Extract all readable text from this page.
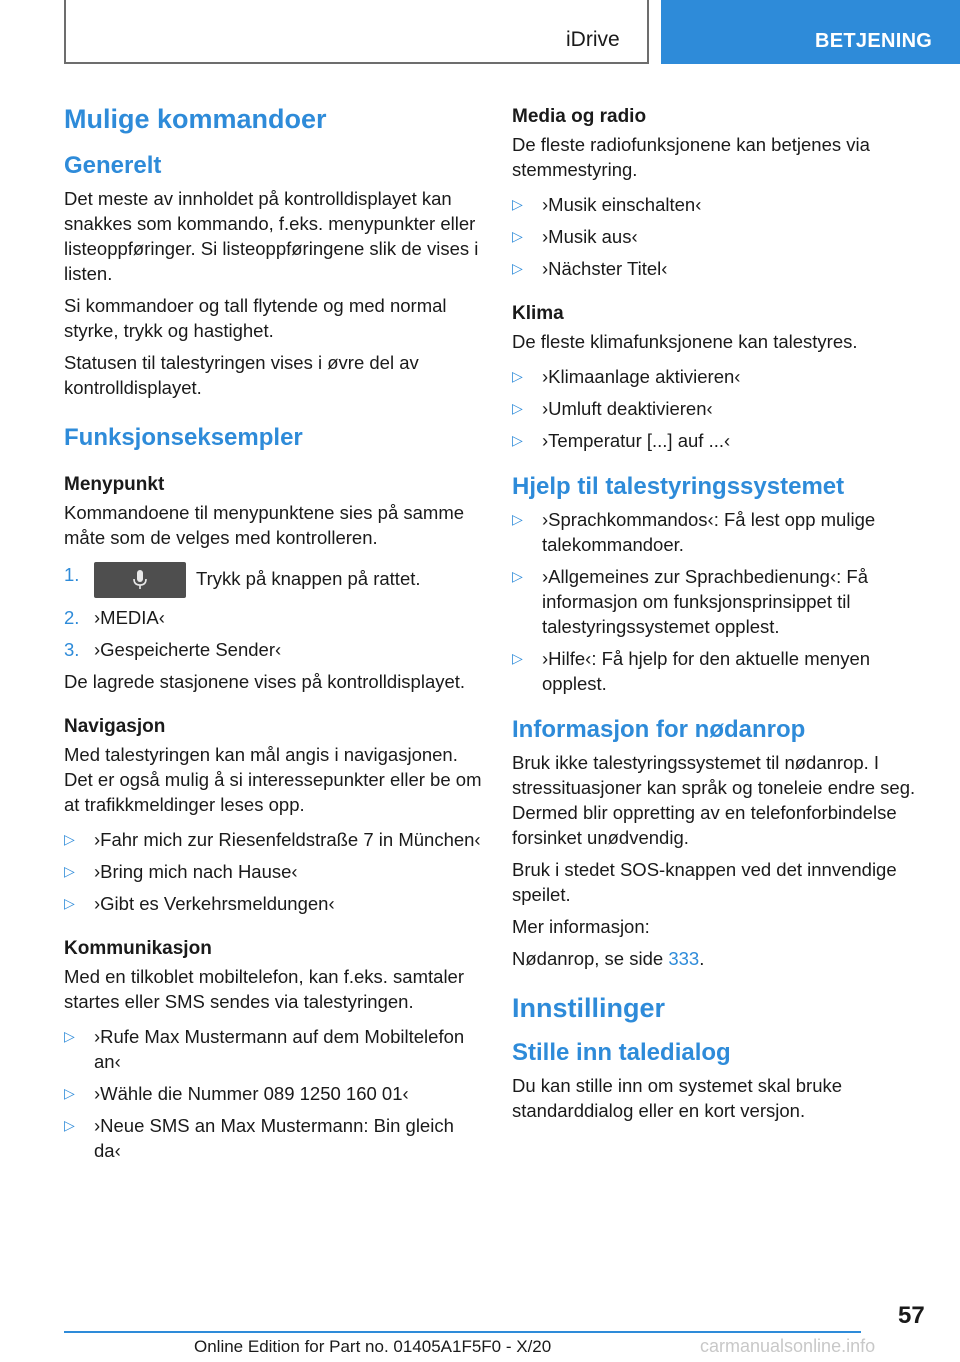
iDrive	BETJENING
Mulige kommandoer
Generelt

Det meste av innholdet på kontrolldisplayet kan snakkes som kommando, f.eks. menypunkter eller listeoppføringer. Si listeoppføringene slik de vises i listen.

Si kommandoer og tall flytende og med normal styrke, trykk og hastighet.

Statusen til talestyringen vises i øvre del av kontrolldisplayet.

Funksjonseksempler
Menypunkt

Kommandoene til menypunktene sies på samme måte som de velges med kontrolleren.

1.	Trykk på knappen på rattet.
2. ›MEDIA‹
3. ›Gespeicherte Sender‹

De lagrede stasjonene vises på kontrolldisplayet.

Navigasjon

Med talestyringen kan mål angis i navigasjonen. Det er også mulig å si interessepunkter eller be om at trafikkmeldinger leses opp.

▷ ›Fahr mich zur Riesenfeldstraße 7 in München‹
▷ ›Bring mich nach Hause‹
▷ ›Gibt es Verkehrsmeldungen‹
Kommunikasjon

Med en tilkoblet mobiltelefon, kan f.eks. samtaler startes eller SMS sendes via talestyringen.

▷ ›Rufe Max Mustermann auf dem Mobiltelefon an‹
▷ ›Wähle die Nummer 089 1250 160 01‹
▷ ›Neue SMS an Max Mustermann: Bin gleich da‹
Media og radio

De fleste radiofunksjonene kan betjenes via stemmestyring.

▷ ›Musik einschalten‹
▷ ›Musik aus‹
▷ ›Nächster Titel‹
Klima

De fleste klimafunksjonene kan talestyres.

▷ ›Klimaanlage aktivieren‹
▷ ›Umluft deaktivieren‹
▷ ›Temperatur [...] auf ...‹
Hjelp til talestyringssystemet
▷ ›Sprachkommandos‹: Få lest opp mulige talekommandoer.
▷ ›Allgemeines zur Sprachbedienung‹: Få informasjon om funksjonsprinsippet til talestyringssystemet opplest.
▷ ›Hilfe‹: Få hjelp for den aktuelle menyen opplest.
Informasjon for nødanrop

Bruk ikke talestyringssystemet til nødanrop. I stressituasjoner kan språk og toneleie endre seg. Dermed blir oppretting av en telefonforbindelse forsinket unødvendig.

Bruk i stedet SOS-knappen ved det innvendige speilet.

Mer informasjon:

Nødanrop, se side 333.

Innstillinger
Stille inn taledialog

Du kan stille inn om systemet skal bruke standarddialog eller en kort versjon.

57
Online Edition for Part no. 01405A1F5F0 - X/20	carmanualsonline.info
